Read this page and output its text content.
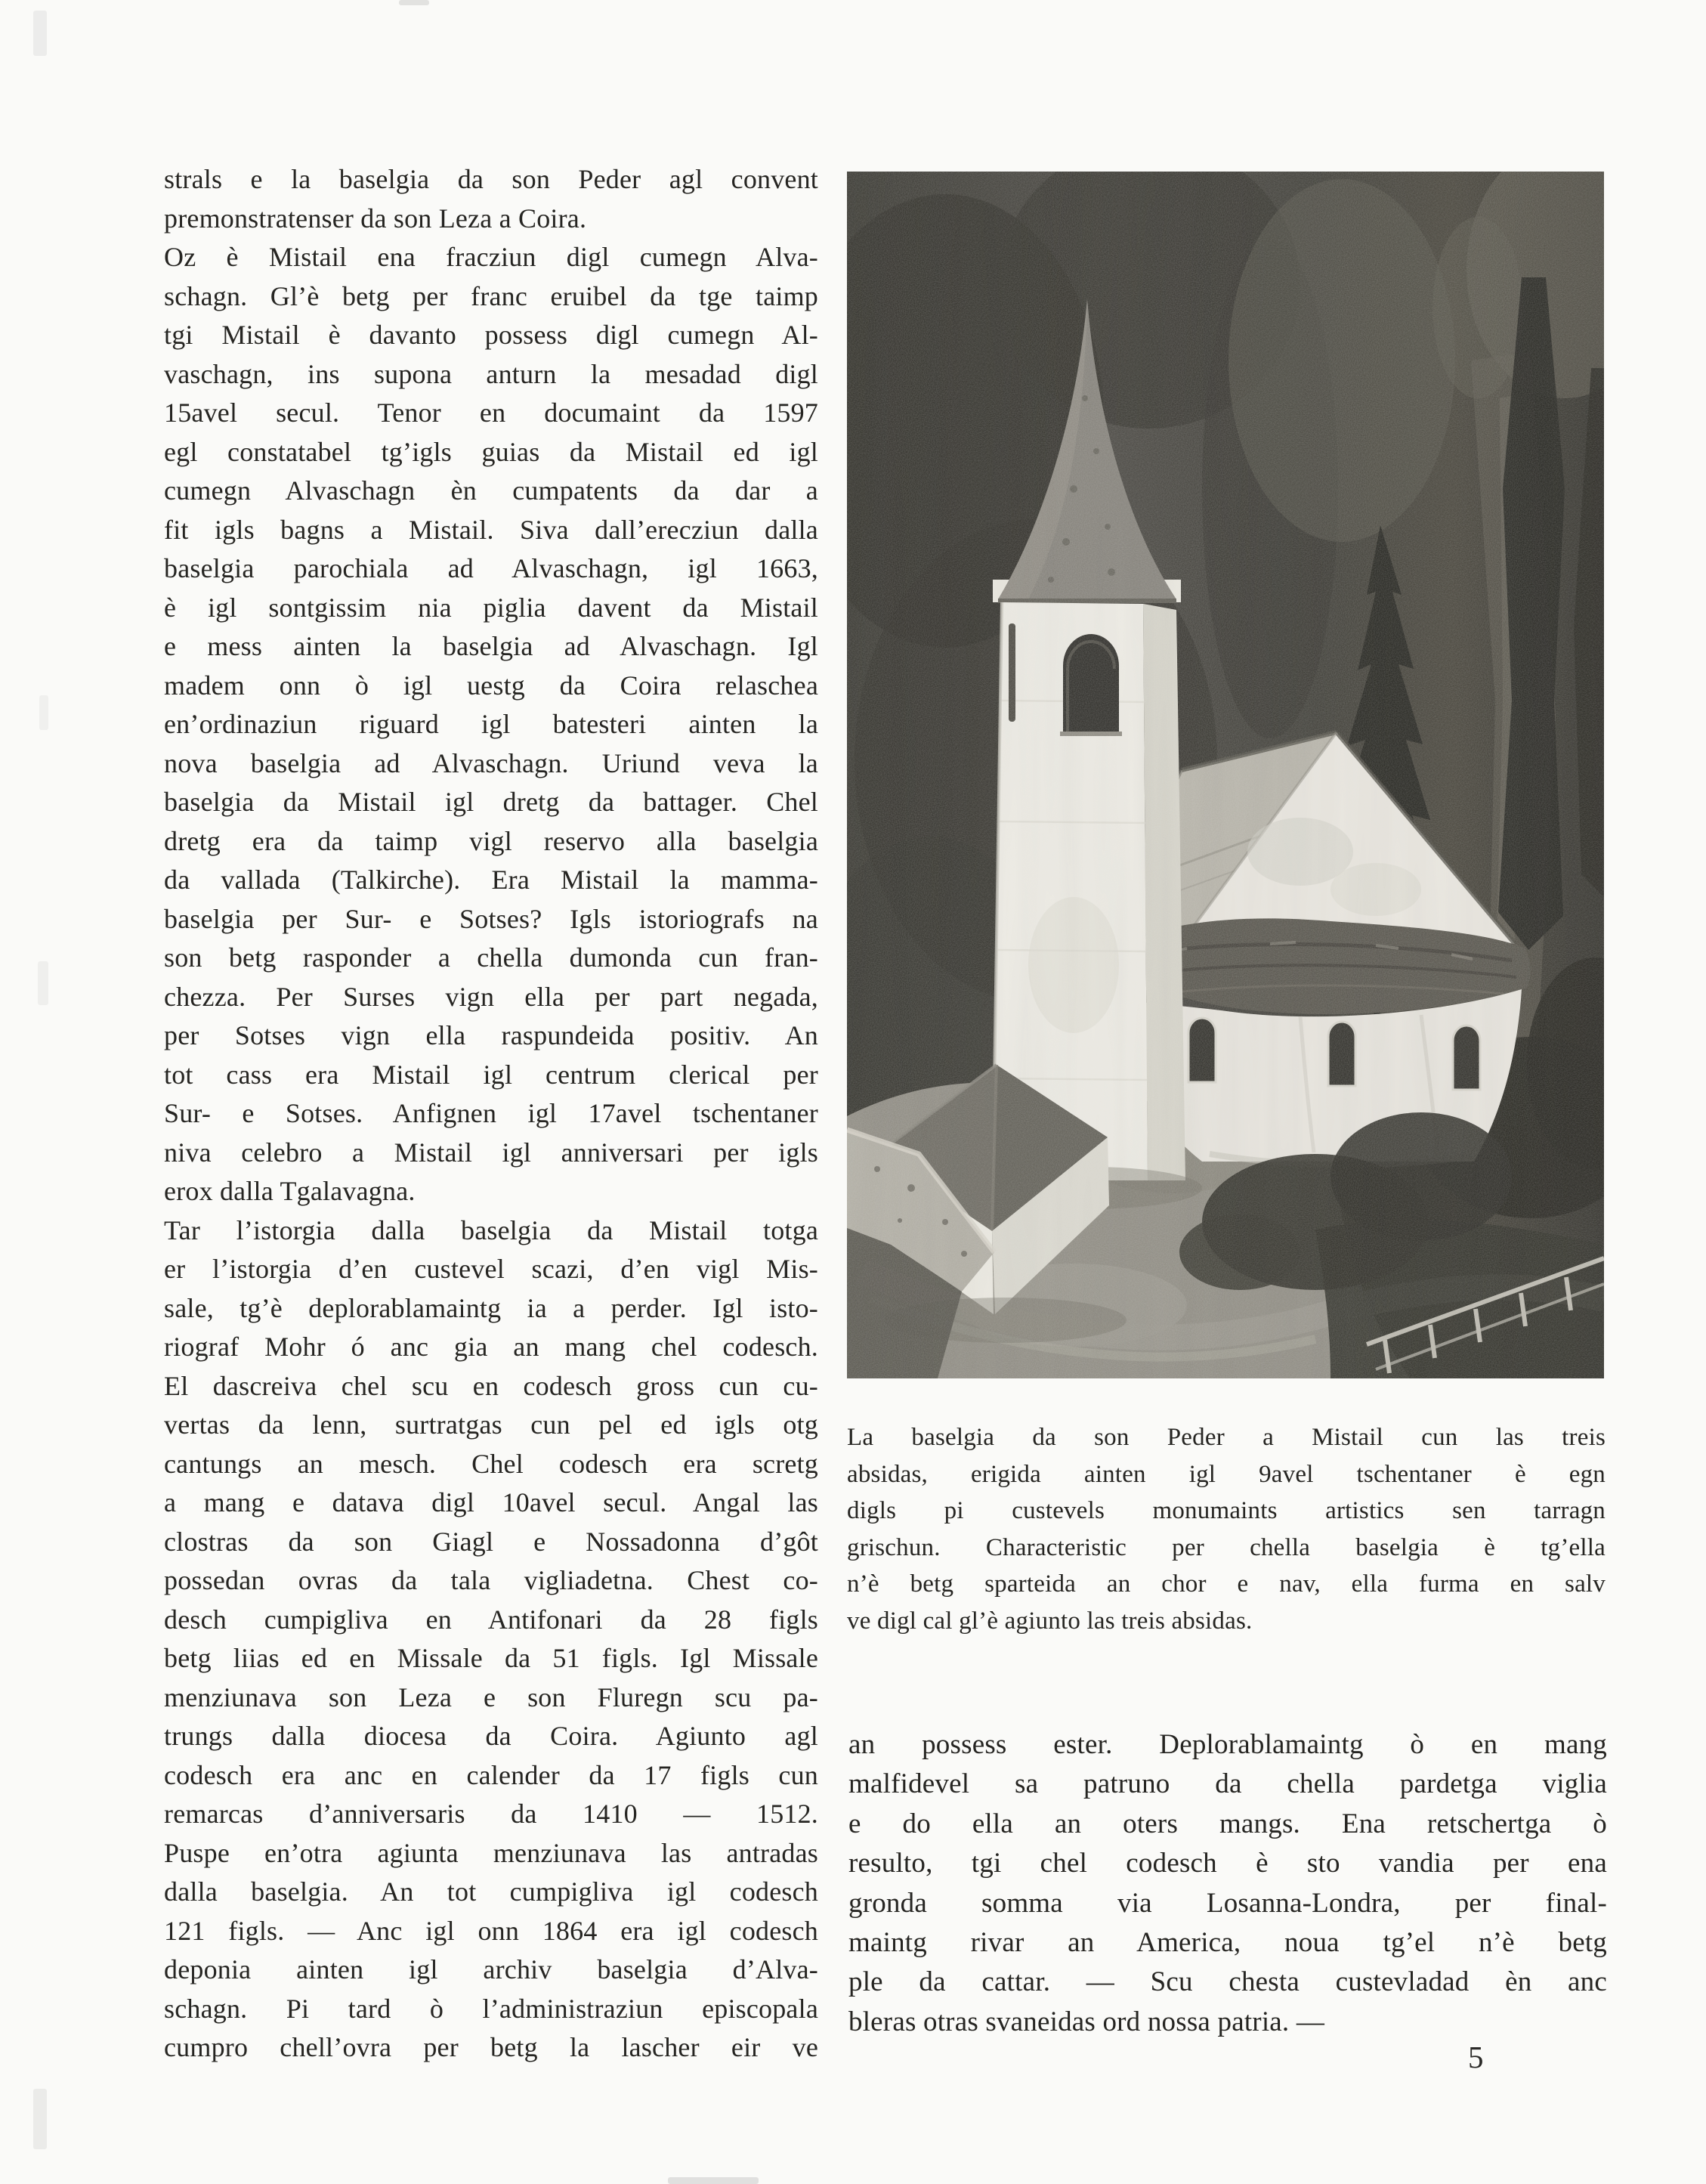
strals e la baselgia da son Peder agl convent
premonstratenser da son Leza a Coira.
Oz è Mistail ena fracziun digl cumegn Alva-
schagn. Gl’è betg per franc eruibel da tge taimp
tgi Mistail è davanto possess digl cumegn Al-
vaschagn, ins supona anturn la mesadad digl
15avel secul. Tenor en documaint da 1597
egl constatabel tg’igls guias da Mistail ed igl
cumegn Alvaschagn èn cumpatents da dar a
fit igls bagns a Mistail. Siva dall’erecziun dalla
baselgia parochiala ad Alvaschagn, igl 1663,
è igl sontgissim nia piglia davent da Mistail
e mess ainten la baselgia ad Alvaschagn. Igl
madem onn ò igl uestg da Coira relaschea
en’ordinaziun riguard igl batesteri ainten la
nova baselgia ad Alvaschagn. Uriund veva la
baselgia da Mistail igl dretg da battager. Chel
dretg era da taimp vigl reservo alla baselgia
da vallada (Talkirche). Era Mistail la mamma-
baselgia per Sur- e Sotses? Igls istoriografs na
son betg rasponder a chella dumonda cun fran-
chezza. Per Surses vign ella per part negada,
per Sotses vign ella raspundeida positiv. An
tot cass era Mistail igl centrum clerical per
Sur- e Sotses. Anfignen igl 17avel tschentaner
niva celebro a Mistail igl anniversari per igls
erox dalla Tgalavagna.
Tar l’istorgia dalla baselgia da Mistail totga
er l’istorgia d’en custevel scazi, d’en vigl Mis-
sale, tg’è deplorablamaintg ia a perder. Igl isto-
riograf Mohr ó anc gia an mang chel codesch.
El dascreiva chel scu en codesch gross cun cu-
vertas da lenn, surtratgas cun pel ed igls otg
cantungs an mesch. Chel codesch era scretg
a mang e datava digl 10avel secul. Angal las
clostras da son Giagl e Nossadonna d’gôt
possedan ovras da tala vigliadetna. Chest co-
desch cumpigliva en Antifonari da 28 figls
betg liias ed en Missale da 51 figls. Igl Missale
menziunava son Leza e son Fluregn scu pa-
trungs dalla diocesa da Coira. Agiunto agl
codesch era anc en calender da 17 figls cun
remarcas d’anniversaris da 1410 — 1512.
Puspe en’otra agiunta menziunava las antradas
dalla baselgia. An tot cumpigliva igl codesch
121 figls. — Anc igl onn 1864 era igl codesch
deponia ainten igl archiv baselgia d’Alva-
schagn. Pi tard ò l’administraziun episcopala
cumpro chell’ovra per betg la lascher eir ve
La baselgia da son Peder a Mistail cun las treis
absidas, erigida ainten igl 9avel tschentaner è egn
digls pi custevels monumaints artistics sen tarragn
grischun. Characteristic per chella baselgia è tg’ella
n’è betg sparteida an chor e nav, ella furma en salv
ve digl cal gl’è agiunto las treis absidas.
an possess ester. Deplorablamaintg ò en mang
malfidevel sa patruno da chella pardetga viglia
e do ella an oters mangs. Ena retschertga ò
resulto, tgi chel codesch è sto vandia per ena
gronda somma via Losanna-Londra, per final-
maintg rivar an America, noua tg’el n’è betg
ple da cattar. — Scu chesta custevladad èn anc
bleras otras svaneidas ord nossa patria. —
5
